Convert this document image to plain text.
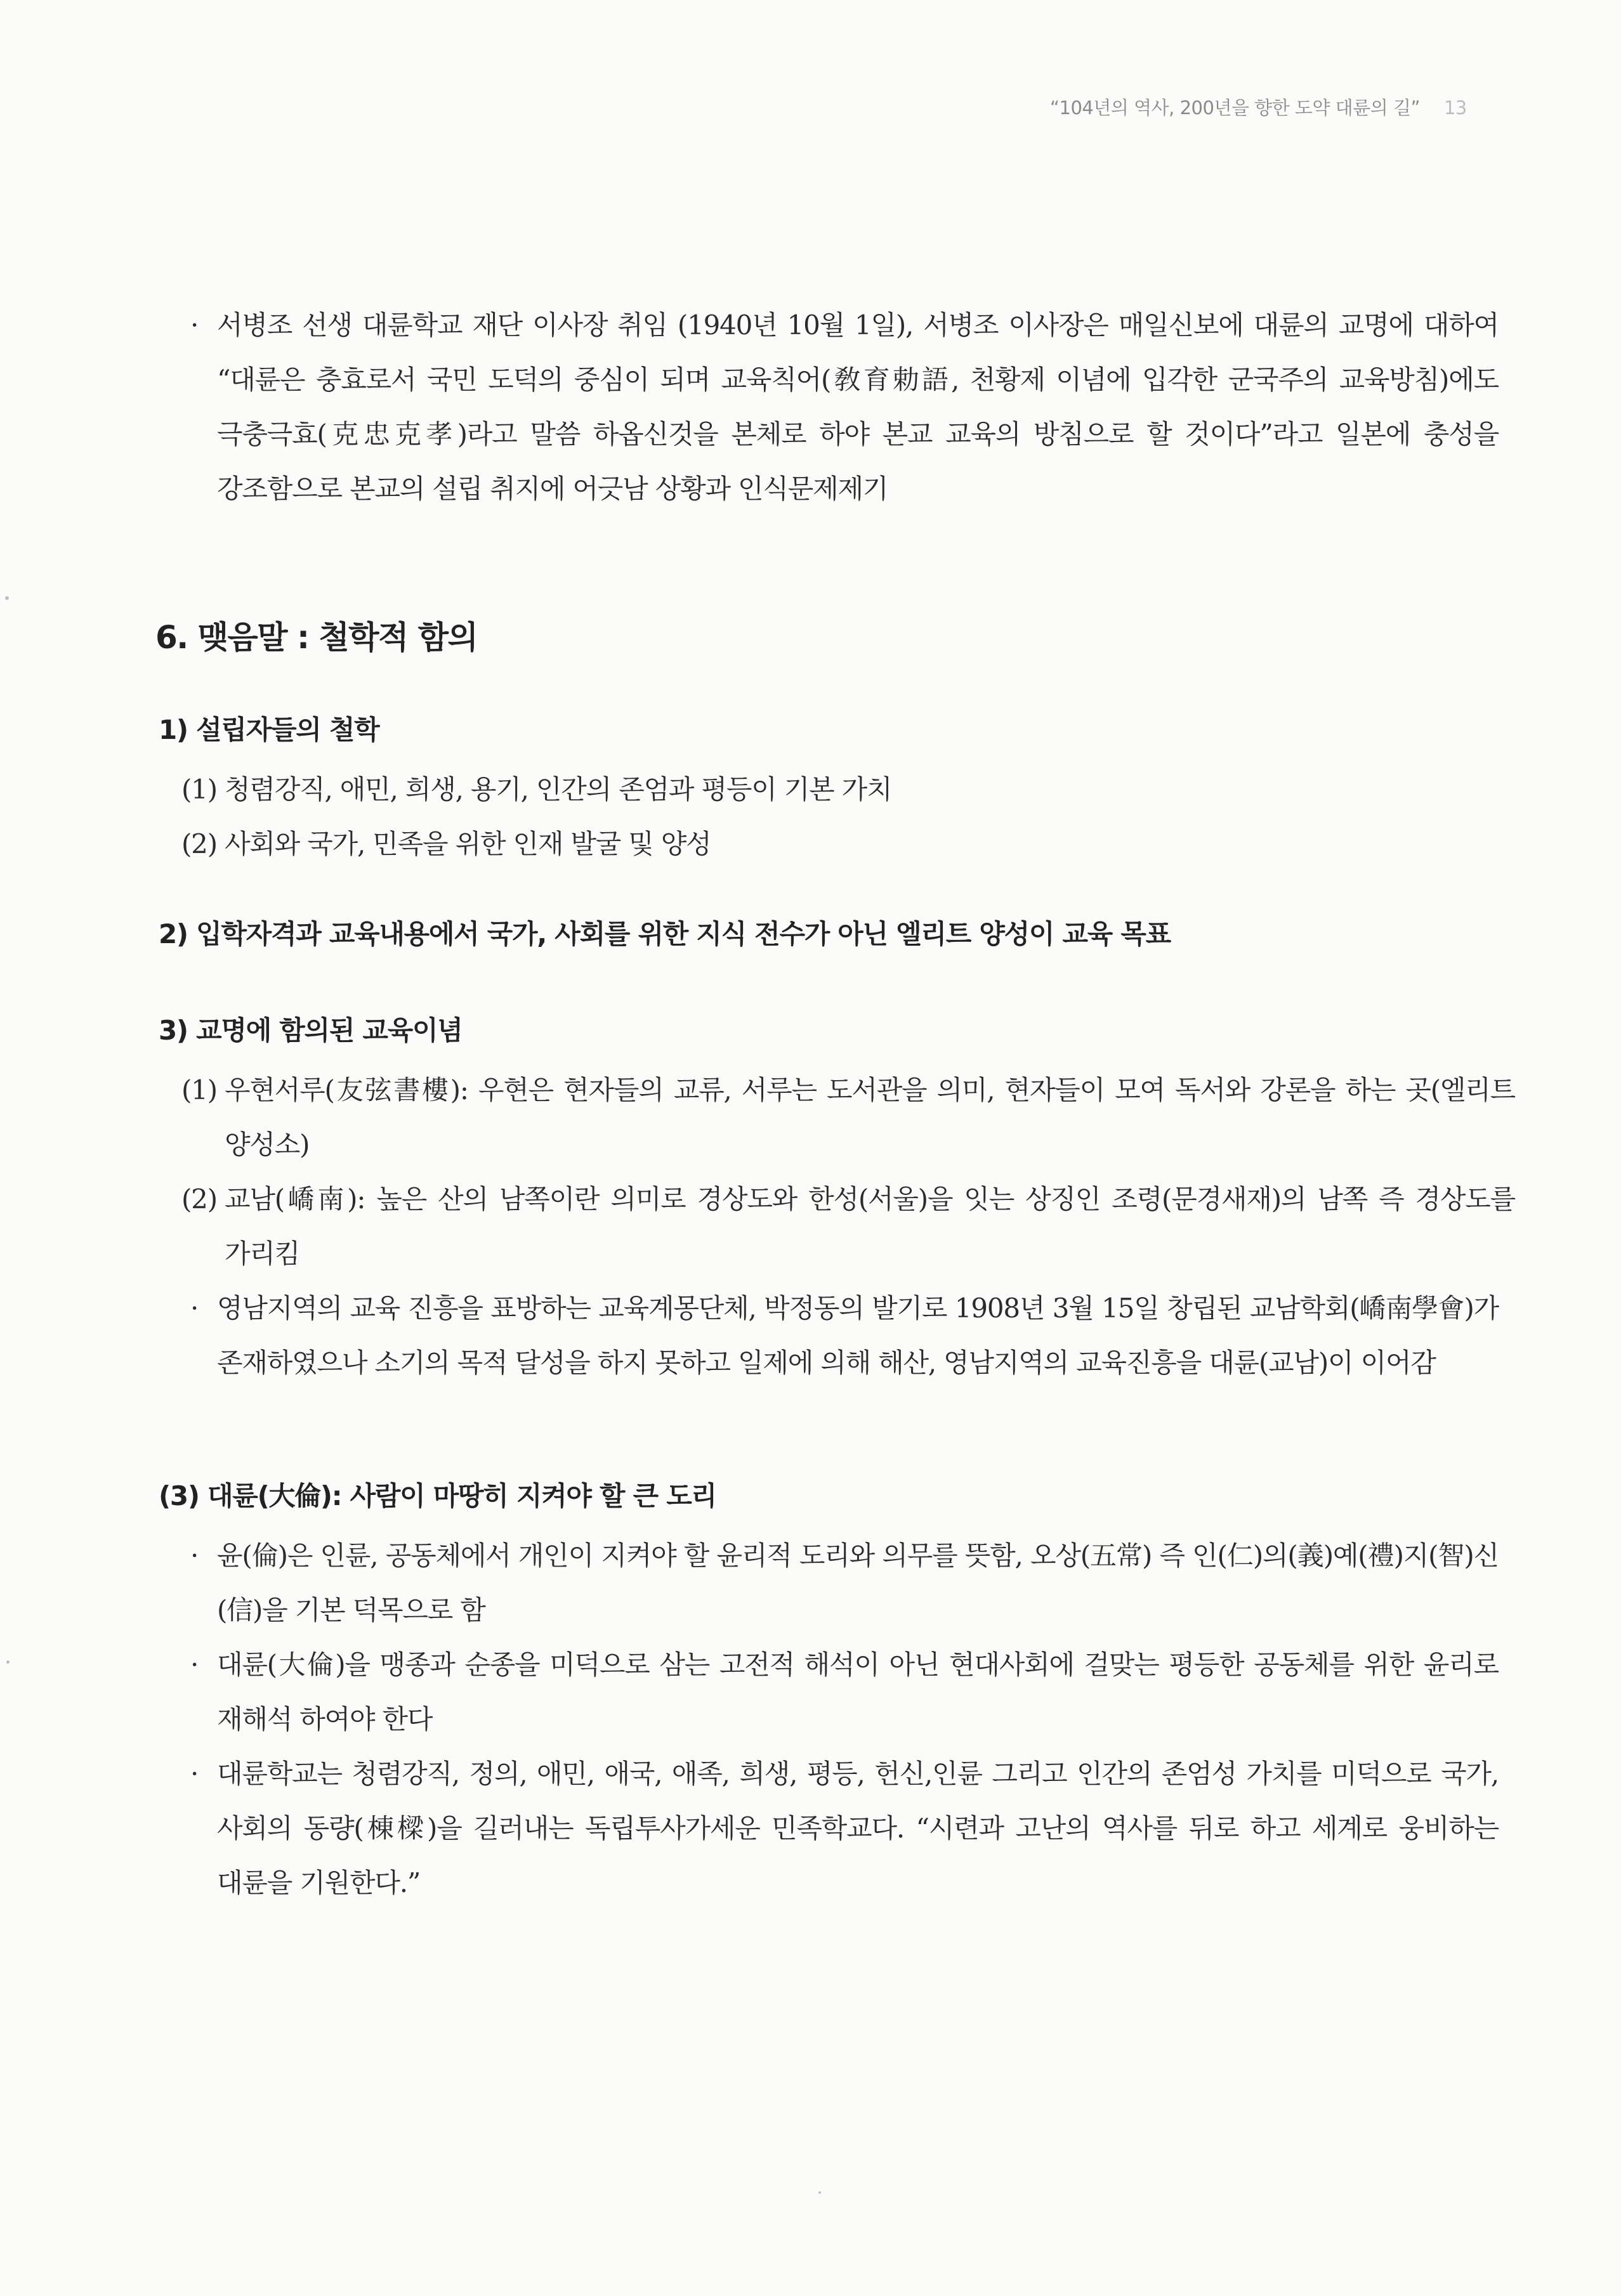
“104년의 역사, 200년을 향한 도약 대륜의 길” 13
· 서병조 선생 대륜학교 재단 이사장 취임 (1940년 10월 1일), 서병조 이사장은 매일신보에 대륜의 교명에 대하여 “대륜은 충효로서 국민 도덕의 중심이 되며 교육칙어(敎育勅語, 천황제 이념에 입각한 군국주의 교육방침)에도 극충극효(克忠克孝)라고 말씀 하옵신것을 본체로 하야 본교 교육의 방침으로 할 것이다”라고 일본에 충성을 강조함으로 본교의 설립 취지에 어긋남 상황과 인식문제제기
6. 맺음말 : 철학적 함의
1) 설립자들의 철학
(1) 청렴강직, 애민, 희생, 용기, 인간의 존엄과 평등이 기본 가치
(2) 사회와 국가, 민족을 위한 인재 발굴 및 양성
2) 입학자격과 교육내용에서 국가, 사회를 위한 지식 전수가 아닌 엘리트 양성이 교육 목표
3) 교명에 함의된 교육이념
(1) 우현서루(友弦書樓): 우현은 현자들의 교류, 서루는 도서관을 의미, 현자들이 모여 독서와 강론을 하는 곳(엘리트 양성소)
(2) 교남(嶠南): 높은 산의 남쪽이란 의미로 경상도와 한성(서울)을 잇는 상징인 조령(문경새재)의 남쪽 즉 경상도를 가리킴
· 영남지역의 교육 진흥을 표방하는 교육계몽단체, 박정동의 발기로 1908년 3월 15일 창립된 교남학회(嶠南學會)가 존재하였으나 소기의 목적 달성을 하지 못하고 일제에 의해 해산, 영남지역의 교육진흥을 대륜(교남)이 이어감
(3) 대륜(大倫): 사람이 마땅히 지켜야 할 큰 도리
· 윤(倫)은 인륜, 공동체에서 개인이 지켜야 할 윤리적 도리와 의무를 뜻함, 오상(五常) 즉 인(仁)의(義)예(禮)지(智)신(信)을 기본 덕목으로 함
· 대륜(大倫)을 맹종과 순종을 미덕으로 삼는 고전적 해석이 아닌 현대사회에 걸맞는 평등한 공동체를 위한 윤리로 재해석 하여야 한다
· 대륜학교는 청렴강직, 정의, 애민, 애국, 애족, 희생, 평등, 헌신,인륜 그리고 인간의 존엄성 가치를 미덕으로 국가, 사회의 동량(棟樑)을 길러내는 독립투사가세운 민족학교다. “시련과 고난의 역사를 뒤로 하고 세계로 웅비하는 대륜을 기원한다.”
